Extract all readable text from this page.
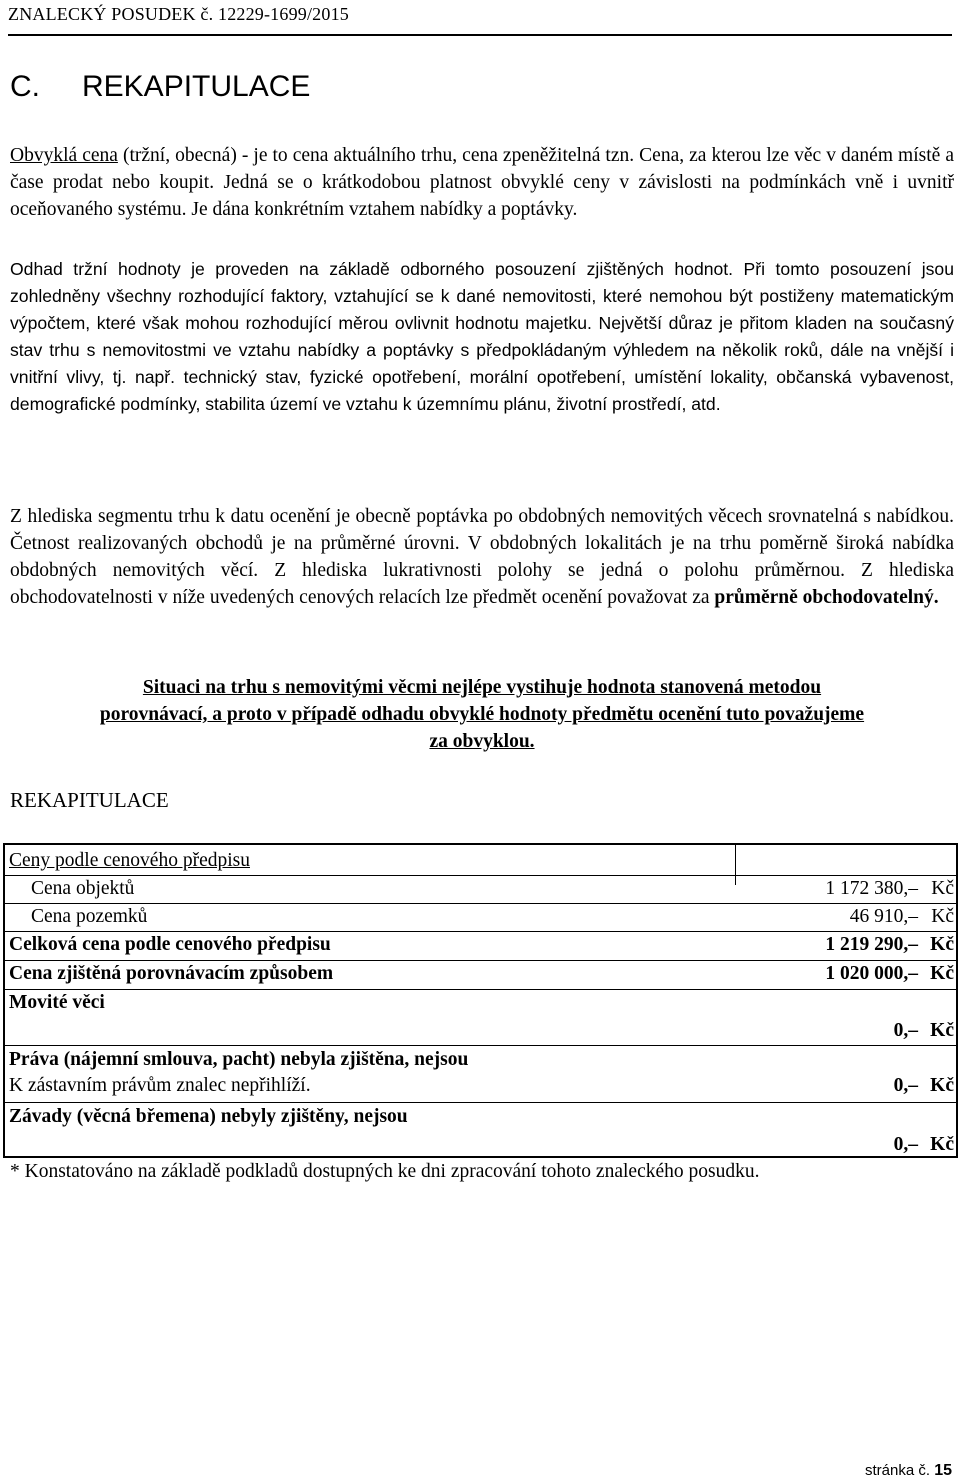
ZNALECKÝ POSUDEK č. 12229-1699/2015
C. REKAPITULACE

Obvyklá cena (tržní, obecná) - je to cena aktuálního trhu, cena zpeněžitelná tzn. Cena, za kterou lze věc v daném místě a čase prodat nebo koupit. Jedná se o krátkodobou platnost obvyklé ceny v závislosti na podmínkách vně i uvnitř oceňovaného systému. Je dána konkrétním vztahem nabídky a poptávky.

Odhad tržní hodnoty je proveden na základě odborného posouzení zjištěných hodnot. Při tomto posouzení jsou zohledněny všechny rozhodující faktory, vztahující se k dané nemovitosti, které nemohou být postiženy matematickým výpočtem, které však mohou rozhodující měrou ovlivnit hodnotu majetku. Největší důraz je přitom kladen na současný stav trhu s nemovitostmi ve vztahu nabídky a poptávky s předpokládaným výhledem na několik roků, dále na vnější i vnitřní vlivy, tj. např. technický stav, fyzické opotřebení, morální opotřebení, umístění lokality, občanská vybavenost, demografické podmínky, stabilita území ve vztahu k územnímu plánu, životní prostředí, atd.

Z hlediska segmentu trhu k datu ocenění je obecně poptávka po obdobných nemovitých věcech srovnatelná s nabídkou. Četnost realizovaných obchodů je na průměrné úrovni. V obdobných lokalitách je na trhu poměrně široká nabídka obdobných nemovitých věcí. Z hlediska lukrativnosti polohy se jedná o polohu průměrnou. Z hlediska obchodovatelnosti v níže uvedených cenových relacích lze předmět ocenění považovat za průměrně obchodovatelný.

Situaci na trhu s nemovitými věcmi nejlépe vystihuje hodnota stanovená metodou
porovnávací, a proto v případě odhadu obvyklé hodnoty předmětu ocenění tuto považujeme
za obvyklou.

REKAPITULACE
Ceny podle cenového předpisu
Cena objektů	1 172 380,– Kč
Cena pozemků	46 910,– Kč
Celková cena podle cenového předpisu	1 219 290,– Kč
Cena zjištěná porovnávacím způsobem	1 020 000,– Kč
Movité věci
0,– Kč
Práva (nájemní smlouva, pacht) nebyla zjištěna, nejsou
K zástavním právům znalec nepřihlíží.	0,– Kč
Závady (věcná břemena) nebyly zjištěny, nejsou
0,– Kč

* Konstatováno na základě podkladů dostupných ke dni zpracování tohoto znaleckého posudku.

stránka č. 15
